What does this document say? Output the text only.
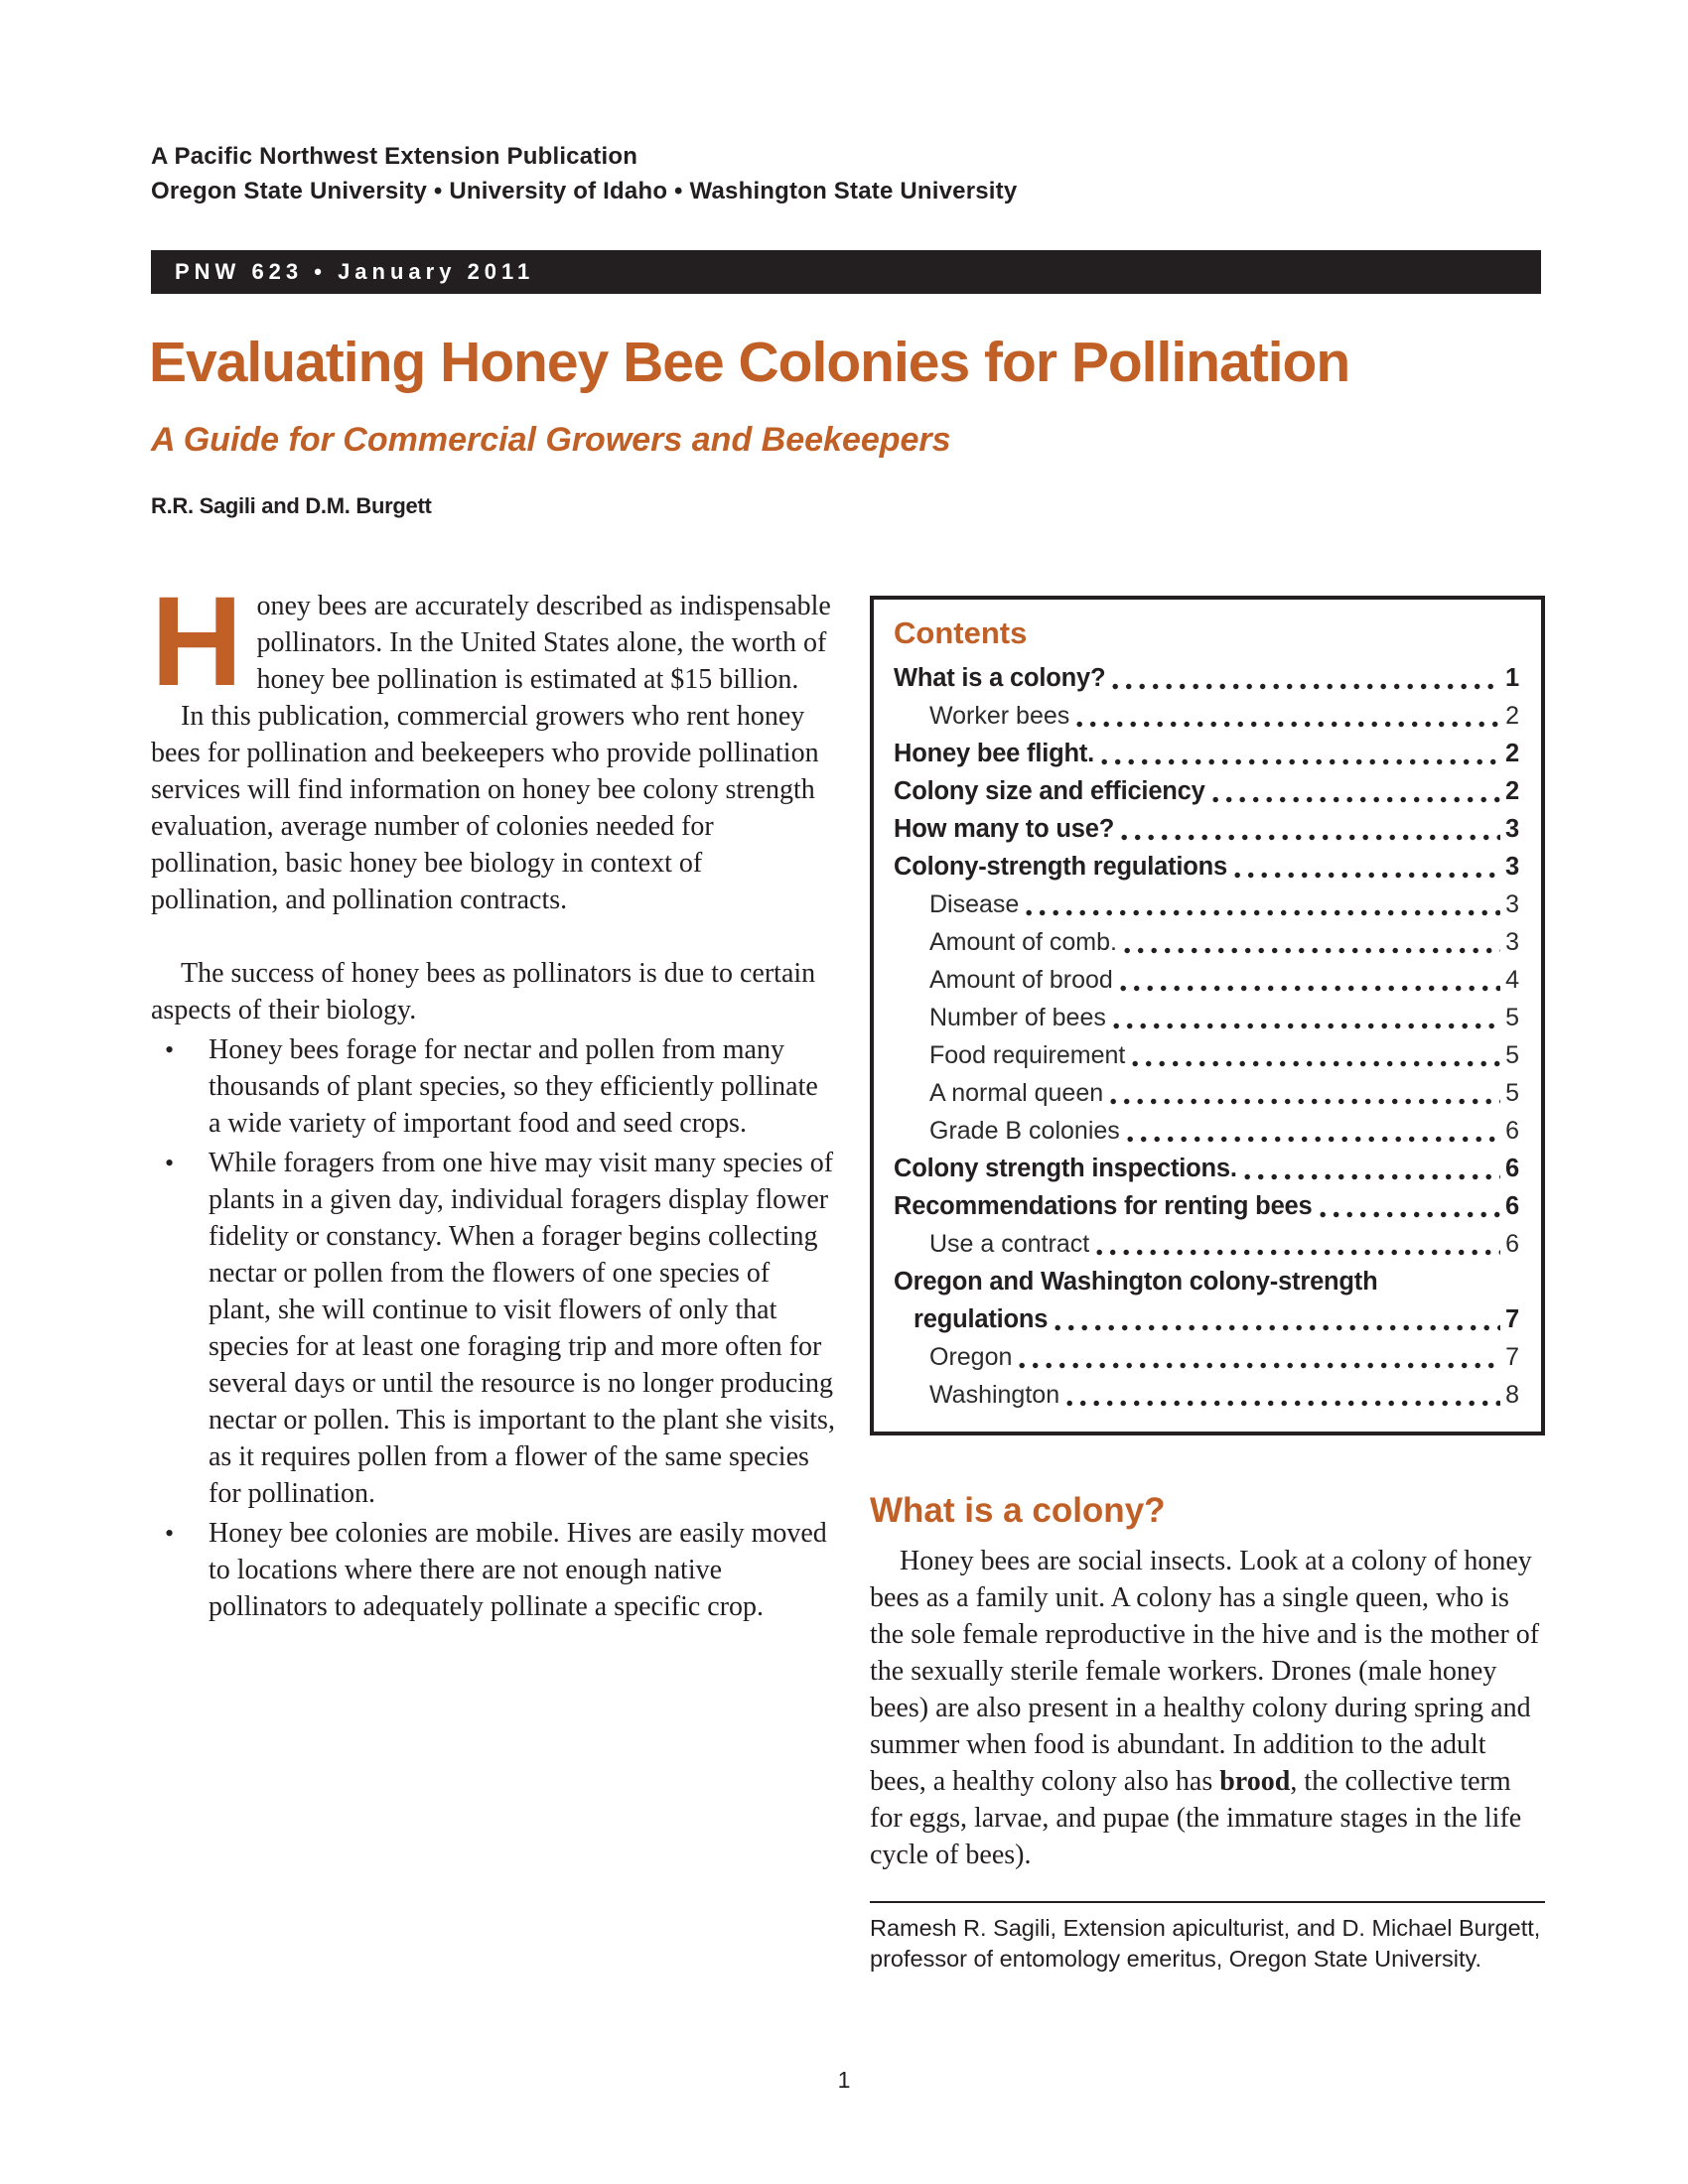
A Pacific Northwest Extension Publication
Oregon State University • University of Idaho • Washington State University
PNW 623 • January 2011
Evaluating Honey Bee Colonies for Pollination
A Guide for Commercial Growers and Beekeepers
R.R. Sagili and D.M. Burgett

Honey bees are accurately described as indispensable pollinators. In the United States alone, the worth of honey bee pollination is estimated at $15 billion.

In this publication, commercial growers who rent honey bees for pollination and beekeepers who provide pollination services will find information on honey bee colony strength evaluation, average number of colonies needed for pollination, basic honey bee biology in context of pollination, and pollination contracts.

The success of honey bees as pollinators is due to certain aspects of their biology.

•	Honey bees forage for nectar and pollen from many thousands of plant species, so they efficiently pollinate a wide variety of important food and seed crops.
•	While foragers from one hive may visit many species of plants in a given day, individual foragers display flower fidelity or constancy. When a forager begins collecting nectar or pollen from the flowers of one species of plant, she will continue to visit flowers of only that species for at least one foraging trip and more often for several days or until the resource is no longer producing nectar or pollen. This is important to the plant she visits, as it requires pollen from a flower of the same species for pollination.
•	Honey bee colonies are mobile. Hives are easily moved to locations where there are not enough native pollinators to adequately pollinate a specific crop.
Contents
What is a colony?	1
Worker bees	2
Honey bee flight.	2
Colony size and efficiency	2
How many to use?	3
Colony-strength regulations	3
Disease	3
Amount of comb.	3
Amount of brood	4
Number of bees	5
Food requirement	5
A normal queen	5
Grade B colonies	6
Colony strength inspections.	6
Recommendations for renting bees	6
Use a contract	6
Oregon and Washington colony-strength
regulations	7
Oregon	7
Washington	8
What is a colony?

Honey bees are social insects. Look at a colony of honey bees as a family unit. A colony has a single queen, who is the sole female reproductive in the hive and is the mother of the sexually sterile female workers. Drones (male honey bees) are also present in a healthy colony during spring and summer when food is abundant. In addition to the adult bees, a healthy colony also has brood, the collective term for eggs, larvae, and pupae (the immature stages in the life cycle of bees).

Ramesh R. Sagili, Extension apiculturist, and D. Michael Burgett, professor of entomology emeritus, Oregon State University.
1
